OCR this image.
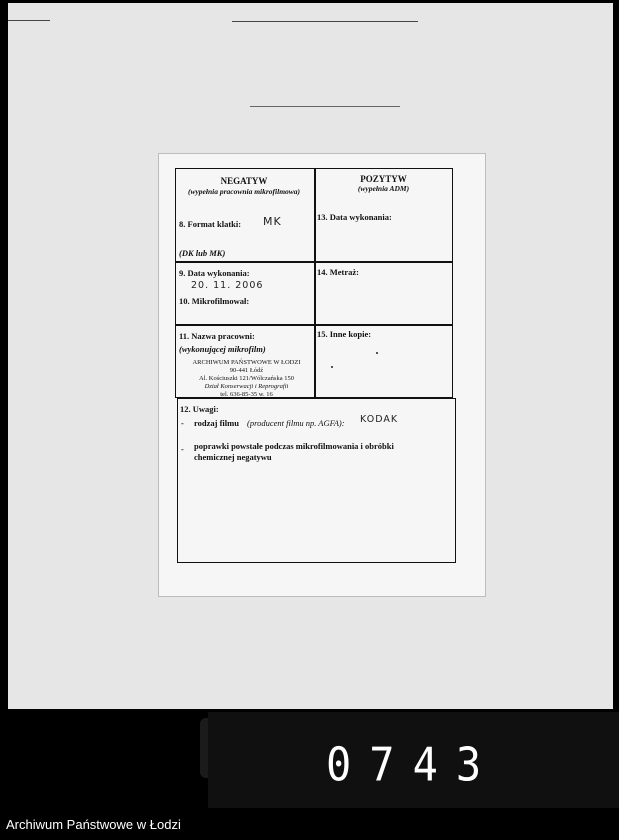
NEGATYW
(wypełnia pracownia mikrofilmowa)
POZYTYW
(wypełnia ADM)
8. Format klatki: MK
(DK lub MK)
13. Data wykonania:
9. Data wykonania:
20. 11. 2006
10. Mikrofilmował:
14. Metraż:
11. Nazwa pracowni:
(wykonującej mikrofilm)
15. Inne kopie:
ARCHIWUM PAŃSTWOWE W ŁODZI
90-441 Łódź
Al. Kościuszki 121/Wólczańska 150
Dział Konserwacji i Reprografii
tel. 636-85-35 w. 16
12. Uwagi:
- rodzaj filmu (producent filmu np. AGFA): KODAK
- poprawki powstałe podczas mikrofilmowania i obróbki
chemicznej negatywu
0743
Archiwum Państwowe w Łodzi
